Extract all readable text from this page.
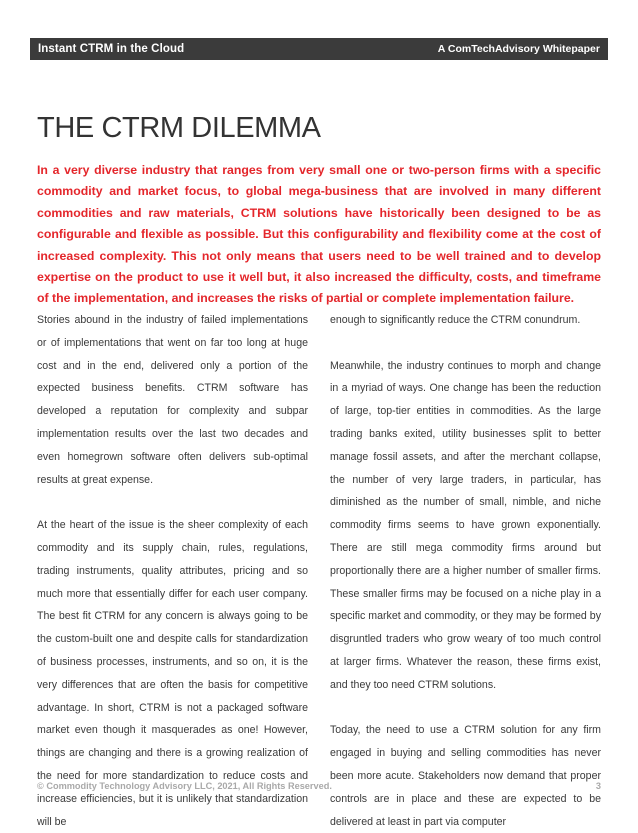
Instant CTRM in the Cloud	A ComTechAdvisory Whitepaper
THE CTRM DILEMMA

In a very diverse industry that ranges from very small one or two-person firms with a specific commodity and market focus, to global mega-business that are involved in many different commodities and raw materials, CTRM solutions have historically been designed to be as configurable and flexible as possible. But this configurability and flexibility come at the cost of increased complexity. This not only means that users need to be well trained and to develop expertise on the product to use it well but, it also increased the difficulty, costs, and timeframe of the implementation, and increases the risks of partial or complete implementation failure.

Stories abound in the industry of failed implementations or of implementations that went on far too long at huge cost and in the end, delivered only a portion of the expected business benefits. CTRM software has developed a reputation for complexity and subpar implementation results over the last two decades and even homegrown software often delivers sub-optimal results at great expense.

At the heart of the issue is the sheer complexity of each commodity and its supply chain, rules, regulations, trading instruments, quality attributes, pricing and so much more that essentially differ for each user company. The best fit CTRM for any concern is always going to be the custom-built one and despite calls for standardization of business processes, instruments, and so on, it is the very differences that are often the basis for competitive advantage. In short, CTRM is not a packaged software market even though it masquerades as one! However, things are changing and there is a growing realization of the need for more standardization to reduce costs and increase efficiencies, but it is unlikely that standardization will be

enough to significantly reduce the CTRM conundrum.

Meanwhile, the industry continues to morph and change in a myriad of ways. One change has been the reduction of large, top-tier entities in commodities. As the large trading banks exited, utility businesses split to better manage fossil assets, and after the merchant collapse, the number of very large traders, in particular, has diminished as the number of small, nimble, and niche commodity firms seems to have grown exponentially. There are still mega commodity firms around but proportionally there are a higher number of smaller firms. These smaller firms may be focused on a niche play in a specific market and commodity, or they may be formed by disgruntled traders who grow weary of too much control at larger firms. Whatever the reason, these firms exist, and they too need CTRM solutions.

Today, the need to use a CTRM solution for any firm engaged in buying and selling commodities has never been more acute. Stakeholders now demand that proper controls are in place and these are expected to be delivered at least in part via computer

© Commodity Technology Advisory LLC, 2021, All Rights Reserved.	3
